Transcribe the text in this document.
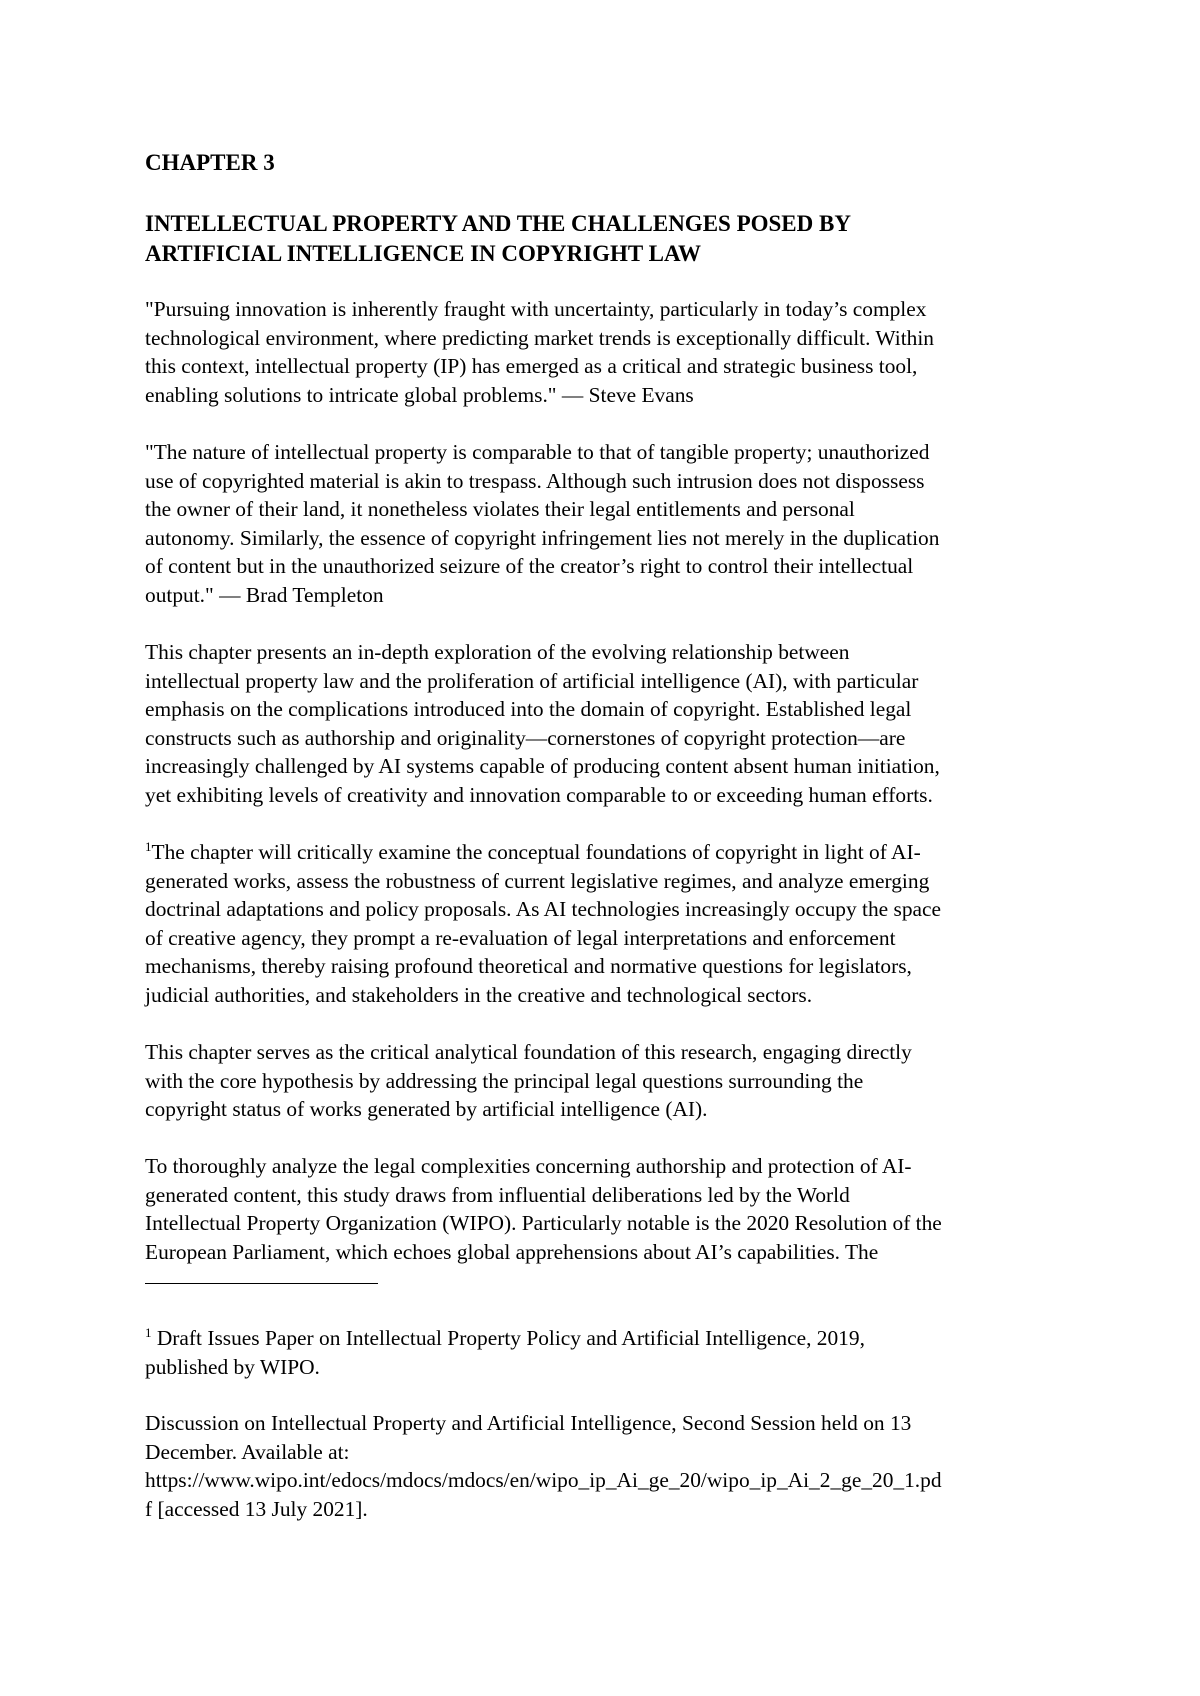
CHAPTER 3
INTELLECTUAL PROPERTY AND THE CHALLENGES POSED BY
ARTIFICIAL INTELLIGENCE IN COPYRIGHT LAW
"Pursuing innovation is inherently fraught with uncertainty, particularly in today’s complex
technological environment, where predicting market trends is exceptionally difficult. Within
this context, intellectual property (IP) has emerged as a critical and strategic business tool,
enabling solutions to intricate global problems." — Steve Evans
"The nature of intellectual property is comparable to that of tangible property; unauthorized
use of copyrighted material is akin to trespass. Although such intrusion does not dispossess
the owner of their land, it nonetheless violates their legal entitlements and personal
autonomy. Similarly, the essence of copyright infringement lies not merely in the duplication
of content but in the unauthorized seizure of the creator’s right to control their intellectual
output." — Brad Templeton
This chapter presents an in-depth exploration of the evolving relationship between
intellectual property law and the proliferation of artificial intelligence (AI), with particular
emphasis on the complications introduced into the domain of copyright. Established legal
constructs such as authorship and originality—cornerstones of copyright protection—are
increasingly challenged by AI systems capable of producing content absent human initiation,
yet exhibiting levels of creativity and innovation comparable to or exceeding human efforts.
$^1$The chapter will critically examine the conceptual foundations of copyright in light of AI-
generated works, assess the robustness of current legislative regimes, and analyze emerging
doctrinal adaptations and policy proposals. As AI technologies increasingly occupy the space
of creative agency, they prompt a re-evaluation of legal interpretations and enforcement
mechanisms, thereby raising profound theoretical and normative questions for legislators,
judicial authorities, and stakeholders in the creative and technological sectors.
This chapter serves as the critical analytical foundation of this research, engaging directly
with the core hypothesis by addressing the principal legal questions surrounding the
copyright status of works generated by artificial intelligence (AI).
To thoroughly analyze the legal complexities concerning authorship and protection of AI-
generated content, this study draws from influential deliberations led by the World
Intellectual Property Organization (WIPO). Particularly notable is the 2020 Resolution of the
European Parliament, which echoes global apprehensions about AI’s capabilities. The
$^1$ Draft Issues Paper on Intellectual Property Policy and Artificial Intelligence, 2019,
published by WIPO.
Discussion on Intellectual Property and Artificial Intelligence, Second Session held on 13
December. Available at:
https://www.wipo.int/edocs/mdocs/mdocs/en/wipo_ip_Ai_ge_20/wipo_ip_Ai_2_ge_20_1.pd
f [accessed 13 July 2021].
